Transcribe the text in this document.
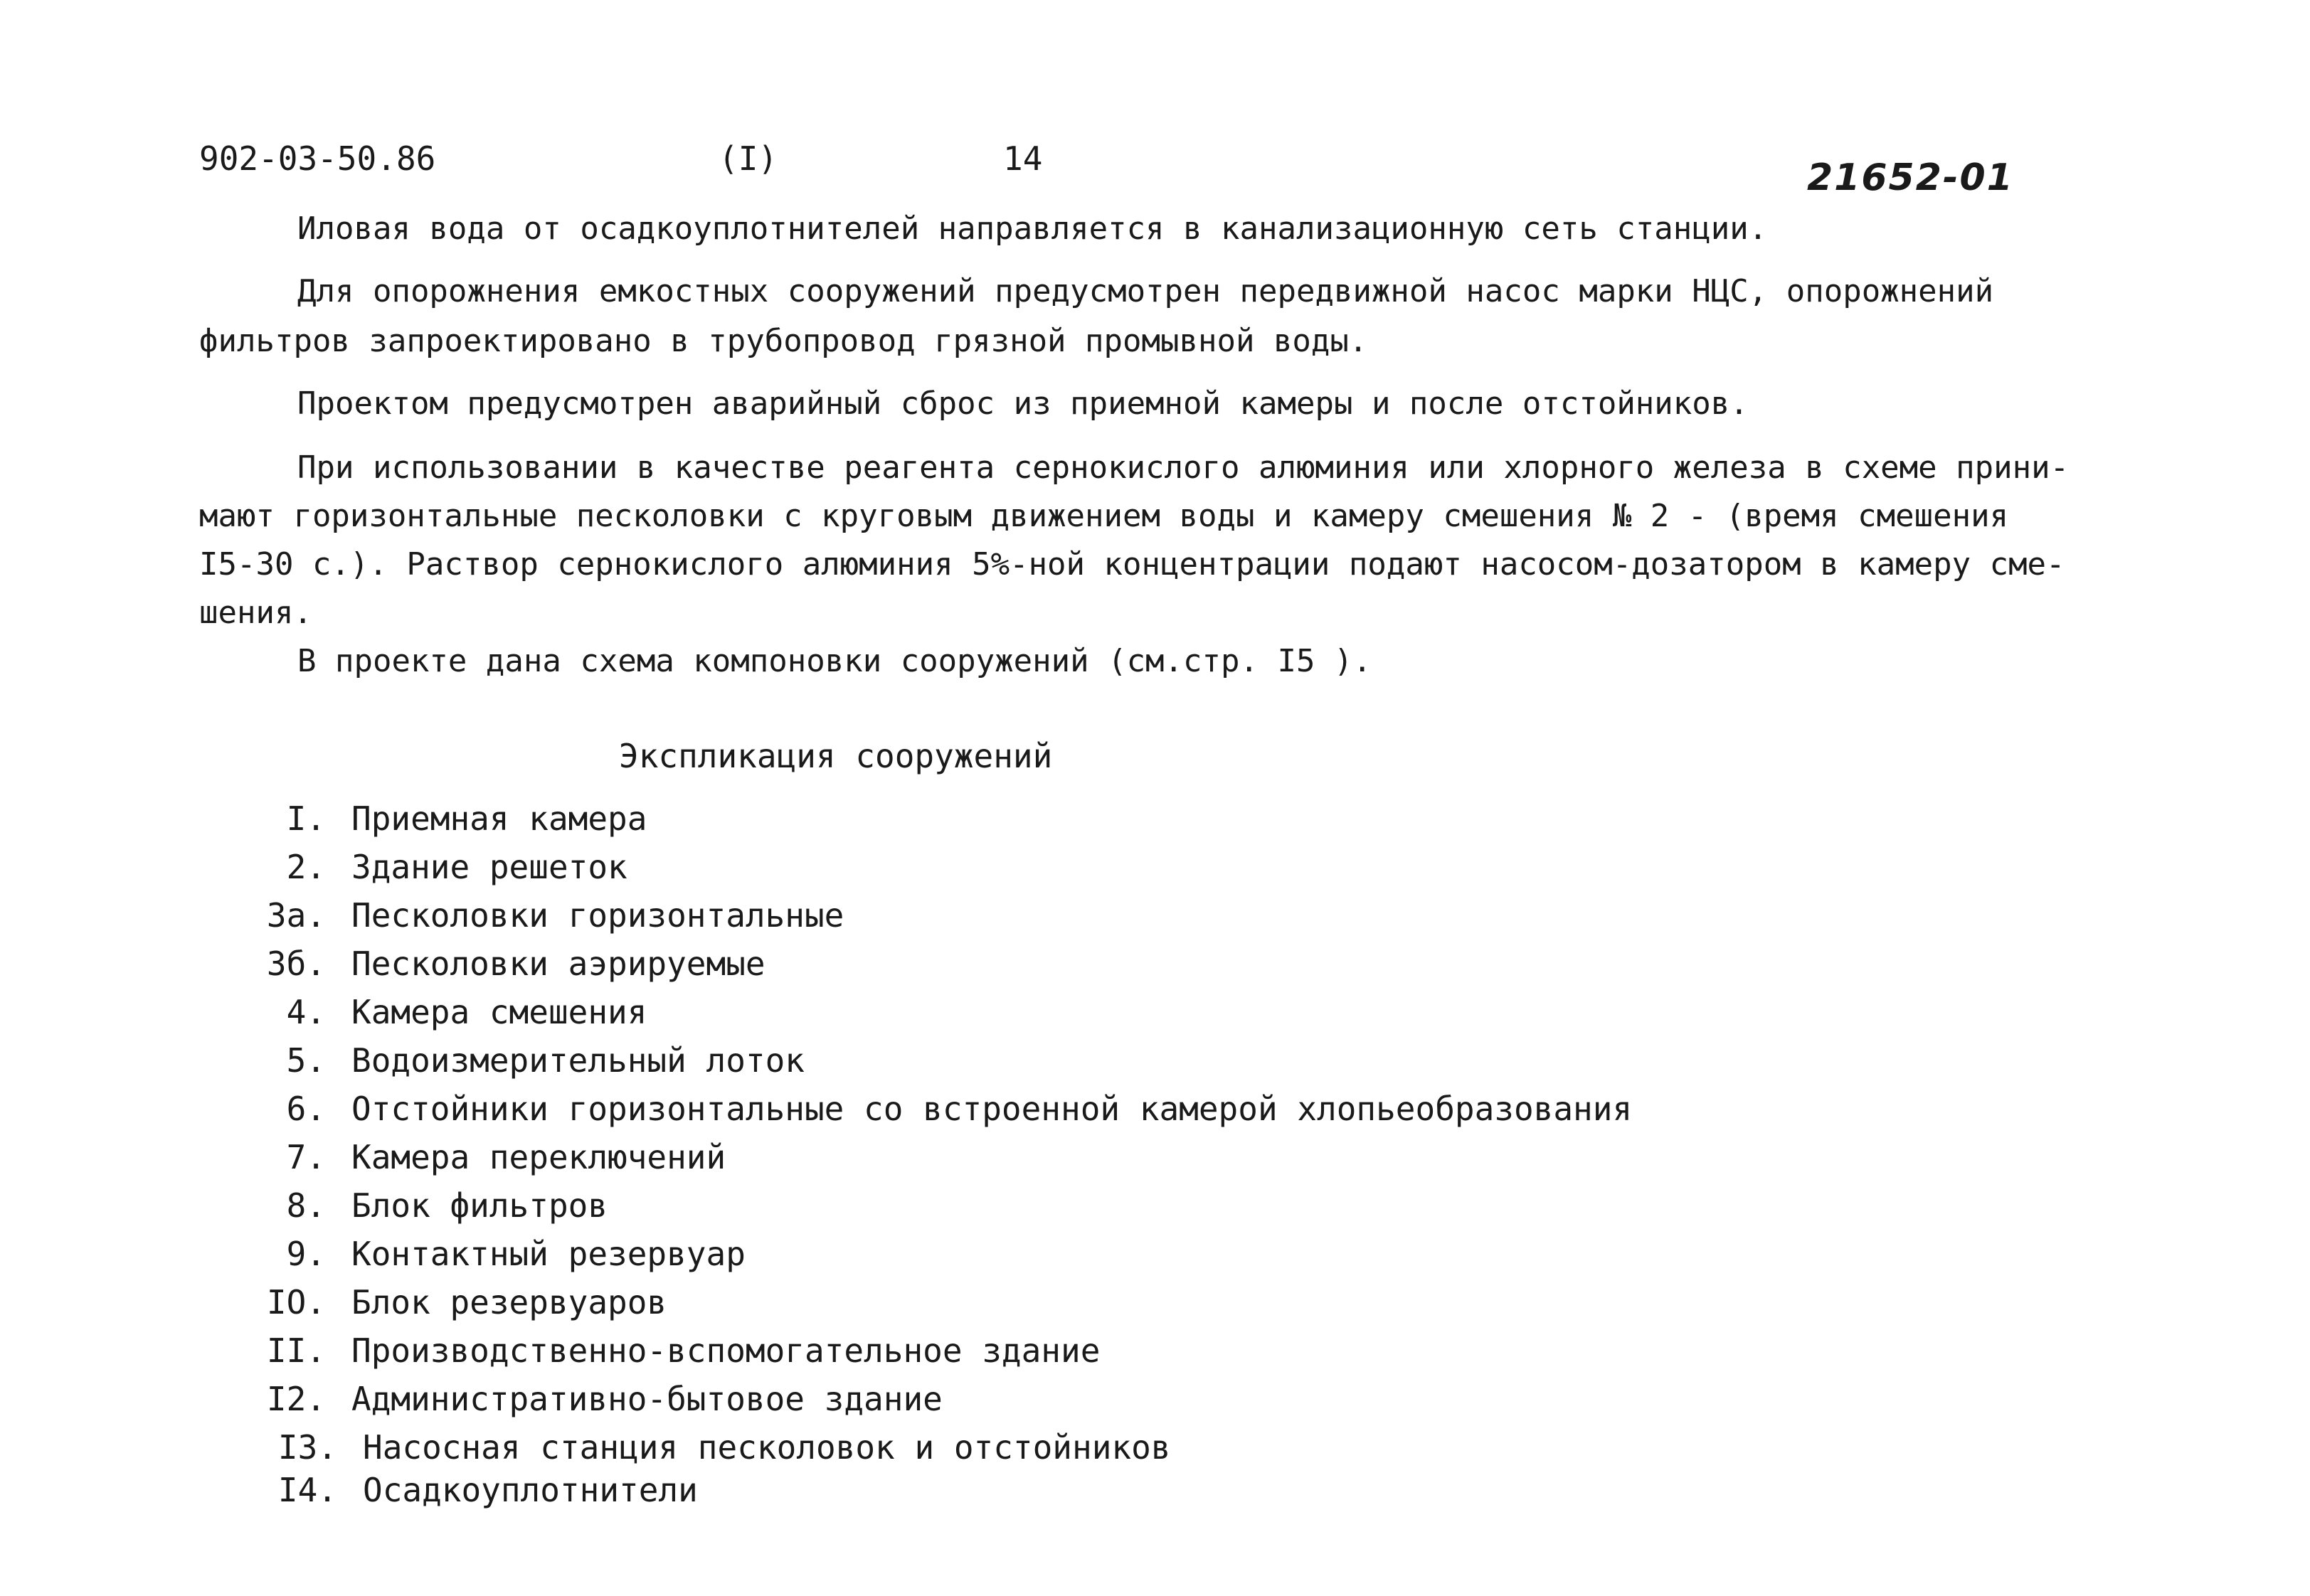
902-03-50.86	(I)	14	21652-01
Иловая вода от осадкоуплотнителей направляется в канализационную сеть станции.
Для опорожнения емкостных сооружений предусмотрен передвижной насос марки НЦС, опорожнений
фильтров запроектировано в трубопровод грязной промывной воды.
Проектом предусмотрен аварийный сброс из приемной камеры и после отстойников.
При использовании в качестве реагента сернокислого алюминия или хлорного железа в схеме прини-
мают горизонтальные песколовки с круговым движением воды и камеру смешения № 2 - (время смешения
I5-30 с.). Раствор сернокислого алюминия 5%-ной концентрации подают насосом-дозатором в камеру сме-
шения.
В проекте дана схема компоновки сооружений (см.стр. I5 ).
Экспликация сооружений
I. Приемная камера
2. Здание решеток
3а. Песколовки горизонтальные
3б. Песколовки аэрируемые
4. Камера смешения
5. Водоизмерительный лоток
6. Отстойники горизонтальные со встроенной камерой хлопьеобразования
7. Камера переключений
8. Блок фильтров
9. Контактный резервуар
IO. Блок резервуаров
II. Производственно-вспомогательное здание
I2. Административно-бытовое здание
I3. Насосная станция песколовок и отстойников
I4. Осадкоуплотнители
